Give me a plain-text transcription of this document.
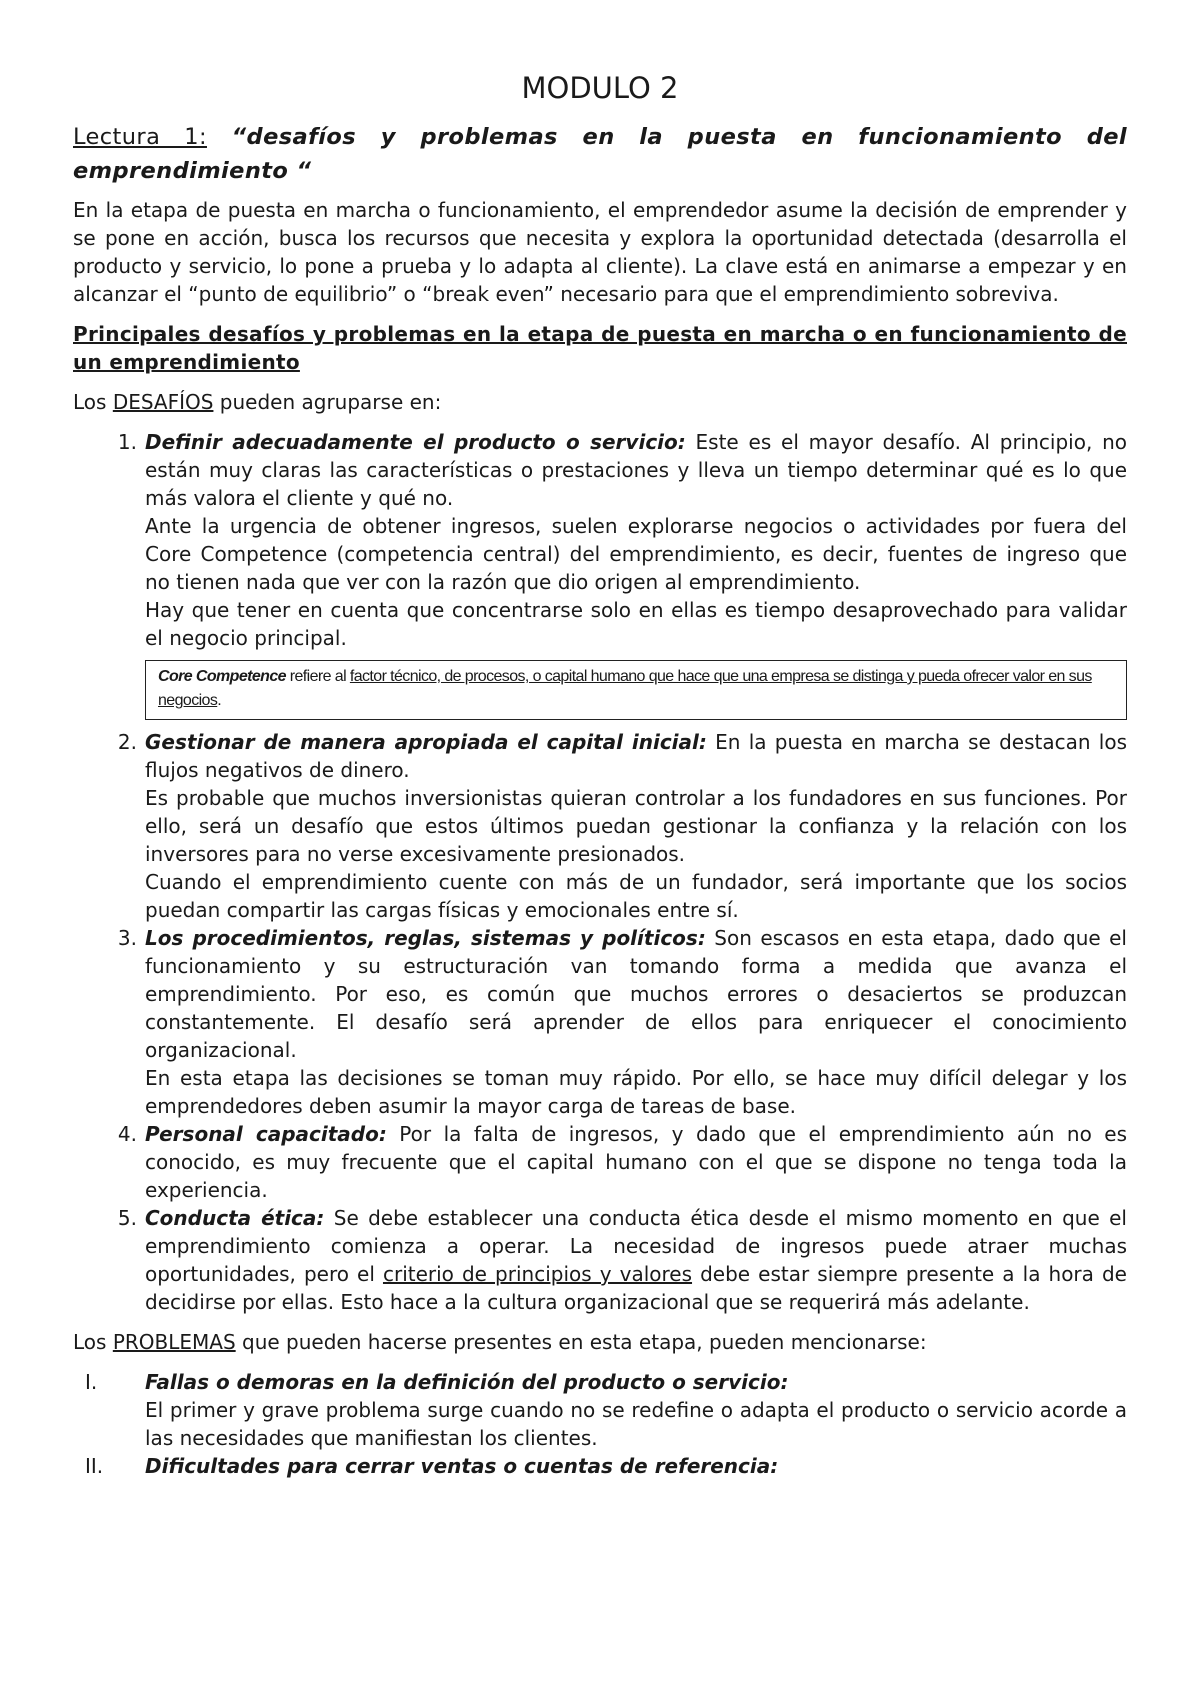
MODULO 2
Lectura 1: “desafíos y problemas en la puesta en funcionamiento del emprendimiento “

En la etapa de puesta en marcha o funcionamiento, el emprendedor asume la decisión de emprender y se pone en acción, busca los recursos que necesita y explora la oportunidad detectada (desarrolla el producto y servicio, lo pone a prueba y lo adapta al cliente). La clave está en animarse a empezar y en alcanzar el “punto de equilibrio” o “break even” necesario para que el emprendimiento sobreviva.

Principales desafíos y problemas en la etapa de puesta en marcha o en funcionamiento de un emprendimiento

Los DESAFÍOS pueden agruparse en:

1. Definir adecuadamente el producto o servicio: Este es el mayor desafío. Al principio, no están muy claras las características o prestaciones y lleva un tiempo determinar qué es lo que más valora el cliente y qué no.
Ante la urgencia de obtener ingresos, suelen explorarse negocios o actividades por fuera del Core Competence (competencia central) del emprendimiento, es decir, fuentes de ingreso que no tienen nada que ver con la razón que dio origen al emprendimiento.
Hay que tener en cuenta que concentrarse solo en ellas es tiempo desaprovechado para validar el negocio principal.
Core Competence refiere al factor técnico, de procesos, o capital humano que hace que una empresa se distinga y pueda ofrecer valor en sus negocios.
2. Gestionar de manera apropiada el capital inicial: En la puesta en marcha se destacan los flujos negativos de dinero.
Es probable que muchos inversionistas quieran controlar a los fundadores en sus funciones. Por ello, será un desafío que estos últimos puedan gestionar la confianza y la relación con los inversores para no verse excesivamente presionados.
Cuando el emprendimiento cuente con más de un fundador, será importante que los socios puedan compartir las cargas físicas y emocionales entre sí.
3. Los procedimientos, reglas, sistemas y políticos: Son escasos en esta etapa, dado que el funcionamiento y su estructuración van tomando forma a medida que avanza el emprendimiento. Por eso, es común que muchos errores o desaciertos se produzcan constantemente. El desafío será aprender de ellos para enriquecer el conocimiento organizacional.
En esta etapa las decisiones se toman muy rápido. Por ello, se hace muy difícil delegar y los emprendedores deben asumir la mayor carga de tareas de base.
4. Personal capacitado: Por la falta de ingresos, y dado que el emprendimiento aún no es conocido, es muy frecuente que el capital humano con el que se dispone no tenga toda la experiencia.
5. Conducta ética: Se debe establecer una conducta ética desde el mismo momento en que el emprendimiento comienza a operar. La necesidad de ingresos puede atraer muchas oportunidades, pero el criterio de principios y valores debe estar siempre presente a la hora de decidirse por ellas. Esto hace a la cultura organizacional que se requerirá más adelante.

Los PROBLEMAS que pueden hacerse presentes en esta etapa, pueden mencionarse:

I.	Fallas o demoras en la definición del producto o servicio:
El primer y grave problema surge cuando no se redefine o adapta el producto o servicio acorde a las necesidades que manifiestan los clientes.
II.	Dificultades para cerrar ventas o cuentas de referencia:
